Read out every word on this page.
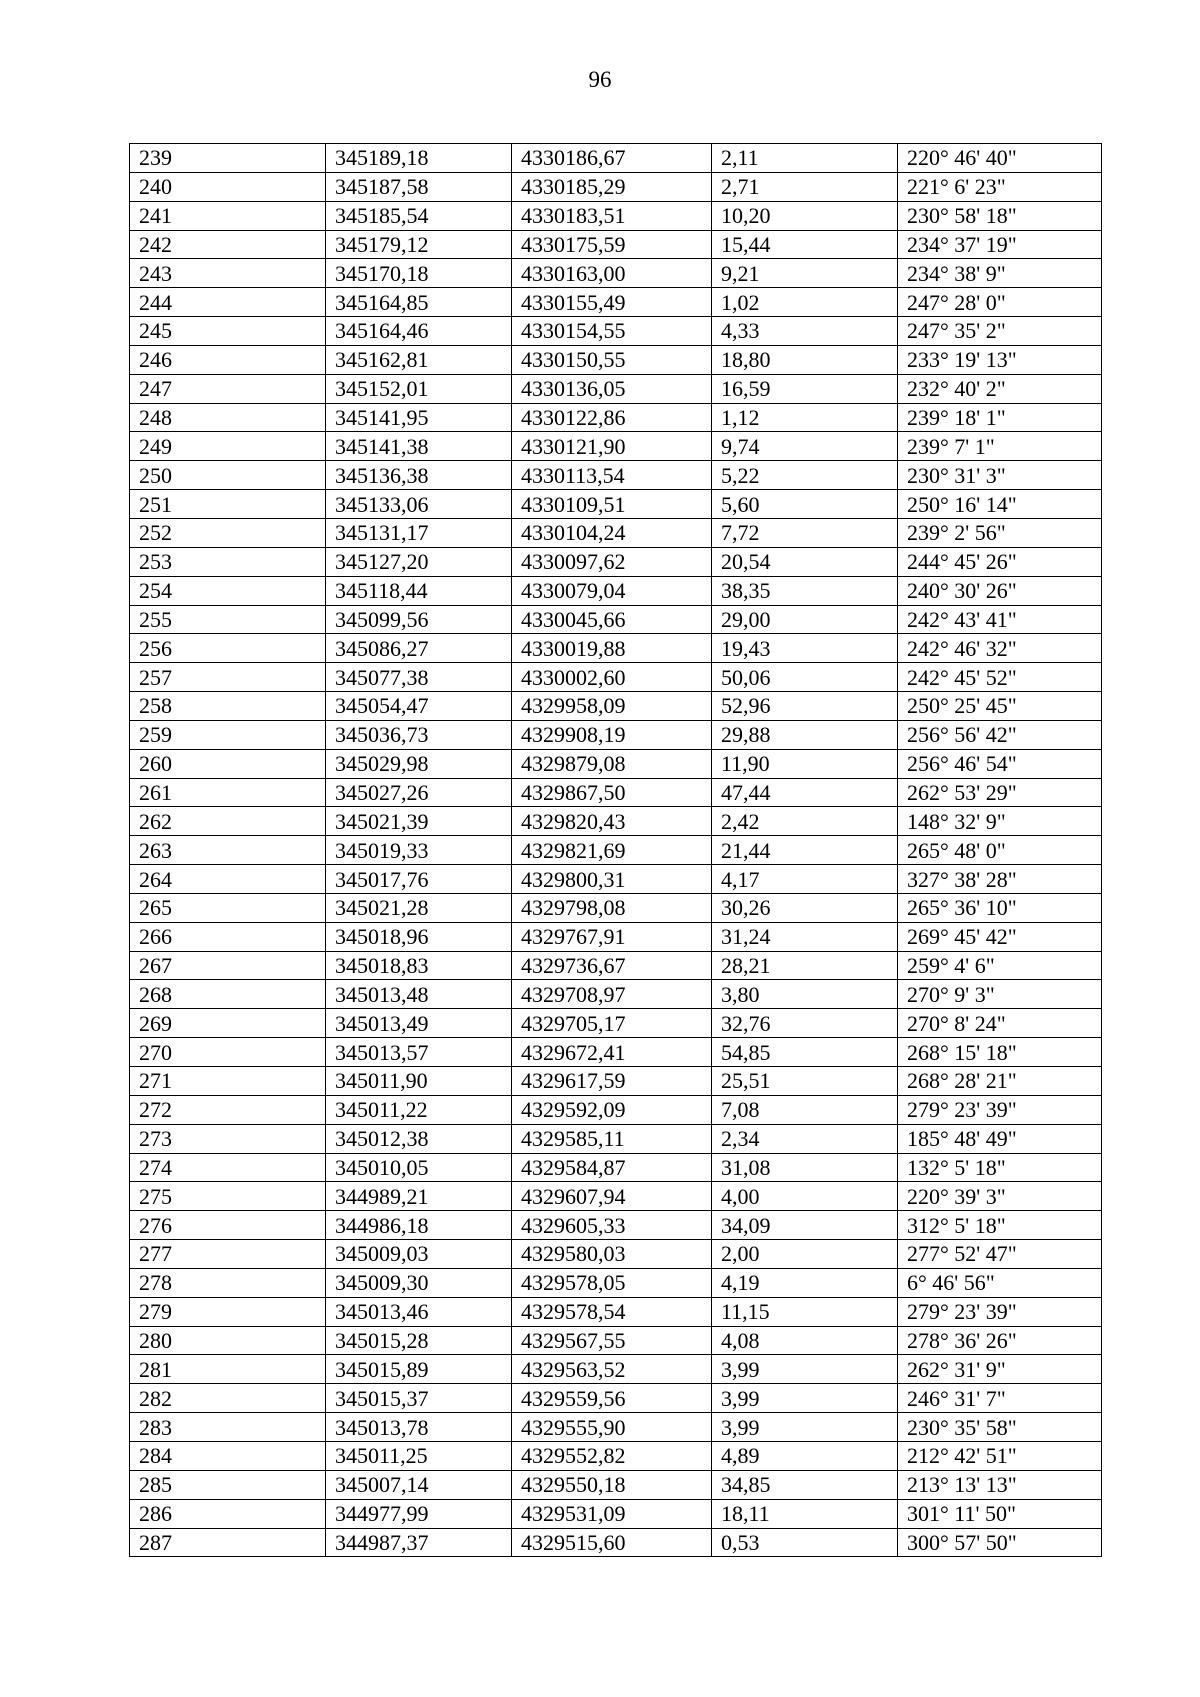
96
239	345189,18	4330186,67	2,11	220° 46' 40"
240	345187,58	4330185,29	2,71	221° 6' 23"
241	345185,54	4330183,51	10,20	230° 58' 18"
242	345179,12	4330175,59	15,44	234° 37' 19"
243	345170,18	4330163,00	9,21	234° 38' 9"
244	345164,85	4330155,49	1,02	247° 28' 0"
245	345164,46	4330154,55	4,33	247° 35' 2"
246	345162,81	4330150,55	18,80	233° 19' 13"
247	345152,01	4330136,05	16,59	232° 40' 2"
248	345141,95	4330122,86	1,12	239° 18' 1"
249	345141,38	4330121,90	9,74	239° 7' 1"
250	345136,38	4330113,54	5,22	230° 31' 3"
251	345133,06	4330109,51	5,60	250° 16' 14"
252	345131,17	4330104,24	7,72	239° 2' 56"
253	345127,20	4330097,62	20,54	244° 45' 26"
254	345118,44	4330079,04	38,35	240° 30' 26"
255	345099,56	4330045,66	29,00	242° 43' 41"
256	345086,27	4330019,88	19,43	242° 46' 32"
257	345077,38	4330002,60	50,06	242° 45' 52"
258	345054,47	4329958,09	52,96	250° 25' 45"
259	345036,73	4329908,19	29,88	256° 56' 42"
260	345029,98	4329879,08	11,90	256° 46' 54"
261	345027,26	4329867,50	47,44	262° 53' 29"
262	345021,39	4329820,43	2,42	148° 32' 9"
263	345019,33	4329821,69	21,44	265° 48' 0"
264	345017,76	4329800,31	4,17	327° 38' 28"
265	345021,28	4329798,08	30,26	265° 36' 10"
266	345018,96	4329767,91	31,24	269° 45' 42"
267	345018,83	4329736,67	28,21	259° 4' 6"
268	345013,48	4329708,97	3,80	270° 9' 3"
269	345013,49	4329705,17	32,76	270° 8' 24"
270	345013,57	4329672,41	54,85	268° 15' 18"
271	345011,90	4329617,59	25,51	268° 28' 21"
272	345011,22	4329592,09	7,08	279° 23' 39"
273	345012,38	4329585,11	2,34	185° 48' 49"
274	345010,05	4329584,87	31,08	132° 5' 18"
275	344989,21	4329607,94	4,00	220° 39' 3"
276	344986,18	4329605,33	34,09	312° 5' 18"
277	345009,03	4329580,03	2,00	277° 52' 47"
278	345009,30	4329578,05	4,19	6° 46' 56"
279	345013,46	4329578,54	11,15	279° 23' 39"
280	345015,28	4329567,55	4,08	278° 36' 26"
281	345015,89	4329563,52	3,99	262° 31' 9"
282	345015,37	4329559,56	3,99	246° 31' 7"
283	345013,78	4329555,90	3,99	230° 35' 58"
284	345011,25	4329552,82	4,89	212° 42' 51"
285	345007,14	4329550,18	34,85	213° 13' 13"
286	344977,99	4329531,09	18,11	301° 11' 50"
287	344987,37	4329515,60	0,53	300° 57' 50"
